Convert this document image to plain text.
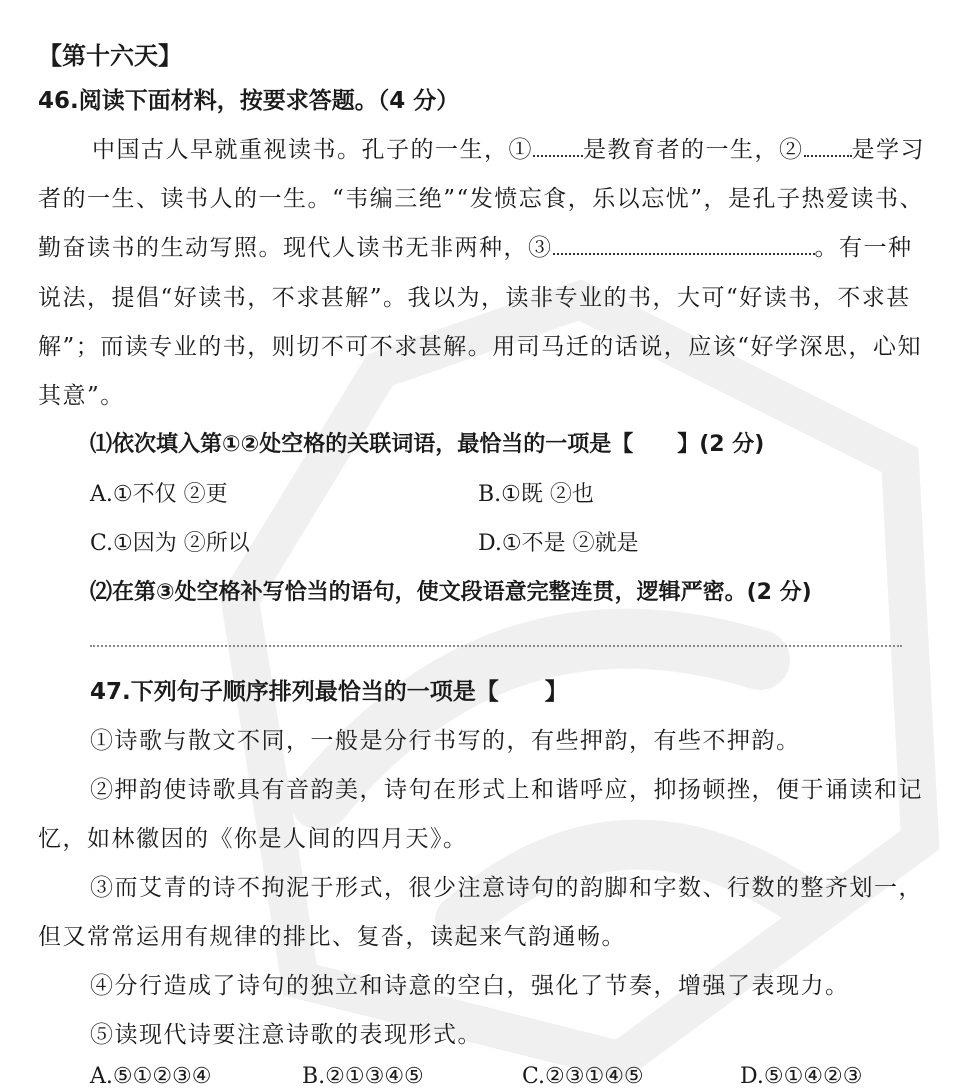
【第十六天】
46.阅读下面材料，按要求答题。（4 分）
中国古人早就重视读书。孔子的一生，① 是教育者的一生，② 是学习
者的一生、读书人的一生。“韦编三绝”“发愤忘食，乐以忘忧”，是孔子热爱读书、
勤奋读书的生动写照。现代人读书无非两种，③	。有一种
说法，提倡“好读书，不求甚解”。我以为，读非专业的书，大可“好读书，不求甚
解”；而读专业的书，则切不可不求甚解。用司马迁的话说，应该“好学深思，心知
其意”。
⑴依次填入第①②处空格的关联词语，最恰当的一项是【　　】(2 分)
A.①不仅 ②更	B.①既 ②也
C.①因为 ②所以	D.①不是 ②就是
⑵在第③处空格补写恰当的语句，使文段语意完整连贯，逻辑严密。(2 分)
47.下列句子顺序排列最恰当的一项是【　　】
①诗歌与散文不同，一般是分行书写的，有些押韵，有些不押韵。
②押韵使诗歌具有音韵美，诗句在形式上和谐呼应，抑扬顿挫，便于诵读和记
忆，如林徽因的《你是人间的四月天》。
③而艾青的诗不拘泥于形式，很少注意诗句的韵脚和字数、行数的整齐划一，
但又常常运用有规律的排比、复沓，读起来气韵通畅。
④分行造成了诗句的独立和诗意的空白，强化了节奏，增强了表现力。
⑤读现代诗要注意诗歌的表现形式。
A.⑤①②③④	B.②①③④⑤	C.②③①④⑤	D.⑤①④②③
